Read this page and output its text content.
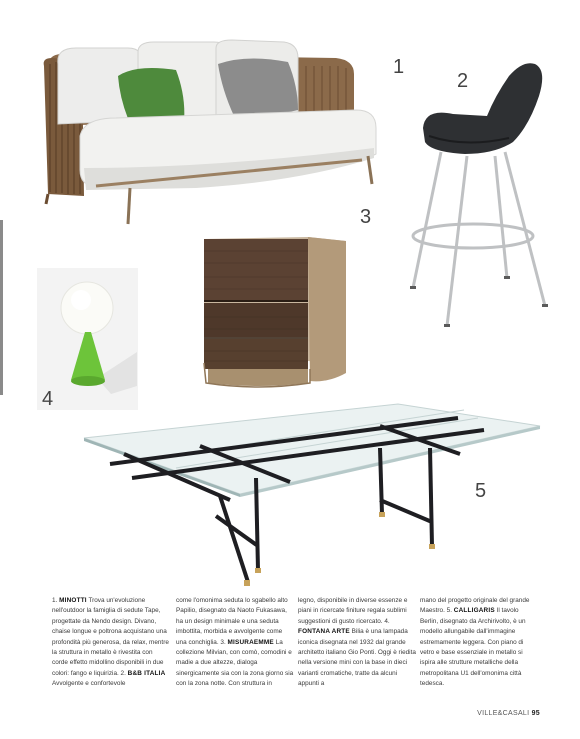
1
2
3
4
5
1. MINOTTI Trova un'evoluzione nell'outdoor la famiglia di sedute Tape, progettate da Nendo design. Divano, chaise longue e poltrona acquistano una profondità più generosa, da relax, mentre la struttura in metallo è rivestita con corde effetto midollino disponibili in due colori: fango e liquirizia. 2. B&B ITALIA Avvolgente e confortevole
come l'omonima seduta lo sgabello alto Papilio, disegnato da Naoto Fukasawa, ha un design minimale e una seduta imbottita, morbida e avvolgente come una conchiglia. 3. MISURAEMME La collezione Milvian, con comò, comodini e madie a due altezze, dialoga sinergicamente sia con la zona giorno sia con la zona notte. Con struttura in
legno, disponibile in diverse essenze e piani in ricercate finiture regala sublimi suggestioni di gusto ricercato. 4. FONTANA ARTE Bilia è una lampada iconica disegnata nel 1932 dal grande architetto italiano Gio Ponti. Oggi è riedita nella versione mini con la base in dieci varianti cromatiche, tratte da alcuni appunti a
mano del progetto originale del grande Maestro. 5. CALLIGARIS Il tavolo Berlin, disegnato da Archirivolto, è un modello allungabile dall'immagine estremamente leggera. Con piano di vetro e base essenziale in metallo si ispira alle strutture metalliche della metropolitana U1 dell'omonima città tedesca.
VILLE&CASALI 95
